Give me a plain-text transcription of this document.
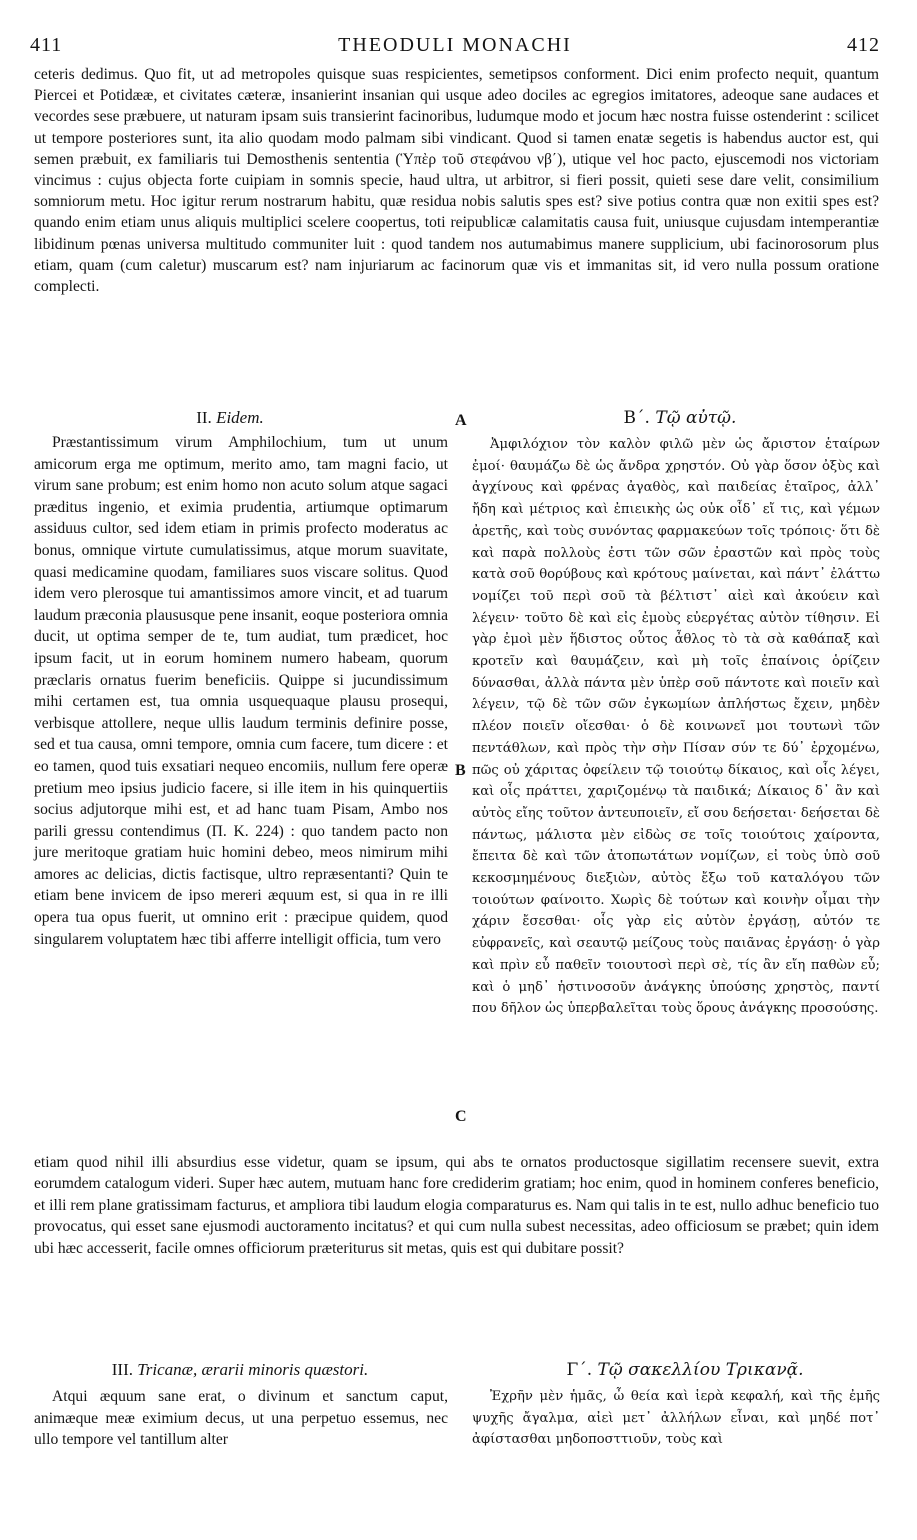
411	THEODULI MONACHI	412

ceteris dedimus. Quo fit, ut ad metropoles quisque suas respicientes, semetipsos conforment. Dici enim profecto nequit, quantum Piercei et Potidææ, et civitates cæteræ, insanierint insanian qui usque adeo dociles ac egregios imitatores, adeoque sane audaces et vecordes sese præbuere, ut naturam ipsam suis transierint facinoribus, ludumque modo et jocum hæc nostra fuisse ostenderint : scilicet ut tempore posteriores sunt, ita alio quodam modo palmam sibi vindicant. Quod si tamen enatæ segetis is habendus auctor est, qui semen præbuit, ex familiaris tui Demosthenis sententia (Ὑπὲρ τοῦ στεφάνου νβ΄), utique vel hoc pacto, ejuscemodi nos victoriam vincimus : cujus objecta forte cuipiam in somnis specie, haud ultra, ut arbitror, si fieri possit, quieti sese dare velit, consimilium somniorum metu. Hoc igitur rerum nostrarum habitu, quæ residua nobis salutis spes est? sive potius contra quæ non exitii spes est? quando enim etiam unus aliquis multiplici scelere coopertus, toti reipublicæ calamitatis causa fuit, uniusque cujusdam intemperantiæ libidinum pœnas universa multitudo communiter luit : quod tandem nos autumabimus manere supplicium, ubi facinorosorum plus etiam, quam (cum caletur) muscarum est? nam injuriarum ac facinorum quæ vis et immanitas sit, id vero nulla possum oratione complecti.

II. Eidem.	Β΄. Τῷ αὐτῷ.
A
B
C

Præstantissimum virum Amphilochium, tum ut unum amicorum erga me optimum, merito amo, tam magni facio, ut virum sane probum; est enim homo non acuto solum atque sagaci præditus ingenio, et eximia prudentia, artiumque optimarum assiduus cultor, sed idem etiam in primis profecto moderatus ac bonus, omnique virtute cumulatissimus, atque morum suavitate, quasi medicamine quodam, familiares suos viscare solitus. Quod idem vero plerosque tui amantissimos amore vincit, et ad tuarum laudum præconia plaususque pene insanit, eoque posteriora omnia ducit, ut optima semper de te, tum audiat, tum prædicet, hoc ipsum facit, ut in eorum hominem numero habeam, quorum præclaris ornatus fuerim beneficiis. Quippe si jucundissimum mihi certamen est, tua omnia usquequaque plausu prosequi, verbisque attollere, neque ullis laudum terminis definire posse, sed et tua causa, omni tempore, omnia cum facere, tum dicere : et eo tamen, quod tuis exsatiari nequeo encomiis, nullum fere operæ pretium meo ipsius judicio facere, si ille item in his quinquertiis socius adjutorque mihi est, et ad hanc tuam Pisam, Ambo nos parili gressu contendimus (Π. K. 224) : quo tandem pacto non jure meritoque gratiam huic homini debeo, meos nimirum mihi amores ac delicias, dictis factisque, ultro repræsentanti? Quin te etiam bene invicem de ipso mereri æquum est, si qua in re illi opera tua opus fuerit, ut omnino erit : præcipue quidem, quod singularem voluptatem hæc tibi afferre intelligit officia, tum vero

Ἀμφιλόχιον τὸν καλὸν φιλῶ μὲν ὡς ἄριστον ἑταίρων ἐμοί· θαυμάζω δὲ ὡς ἄνδρα χρηστόν. Οὐ γὰρ ὅσον ὀξὺς καὶ ἀγχίνους καὶ φρένας ἀγαθὸς, καὶ παιδείας ἑταῖρος, ἀλλ᾽ ἤδη καὶ μέτριος καὶ ἐπιεικὴς ὡς οὐκ οἶδ᾽ εἴ τις, καὶ γέμων ἀρετῆς, καὶ τοὺς συνόντας φαρμακεύων τοῖς τρόποις· ὅτι δὲ καὶ παρὰ πολλοὺς ἐστι τῶν σῶν ἐραστῶν καὶ πρὸς τοὺς κατὰ σοῦ θορύβους καὶ κρότους μαίνεται, καὶ πάντ᾽ ἐλάττω νομίζει τοῦ περὶ σοῦ τὰ βέλτιστ᾽ αἰεὶ καὶ ἀκούειν καὶ λέγειν· τοῦτο δὲ καὶ εἰς ἐμοὺς εὐεργέτας αὐτὸν τίθησιν. Εἰ γὰρ ἐμοὶ μὲν ἥδιστος οὗτος ἆθλος τὸ τὰ σὰ καθάπαξ καὶ κροτεῖν καὶ θαυμάζειν, καὶ μὴ τοῖς ἐπαίνοις ὁρίζειν δύνασθαι, ἀλλὰ πάντα μὲν ὑπὲρ σοῦ πάντοτε καὶ ποιεῖν καὶ λέγειν, τῷ δὲ τῶν σῶν ἐγκωμίων ἀπλήστως ἔχειν, μηδὲν πλέον ποιεῖν οἴεσθαι· ὁ δὲ κοινωνεῖ μοι τουτωνὶ τῶν πεντάθλων, καὶ πρὸς τὴν σὴν Πίσαν σύν τε δύ᾽ ἐρχομένω, πῶς οὐ χάριτας ὀφείλειν τῷ τοιούτῳ δίκαιος, καὶ οἷς λέγει, καὶ οἷς πράττει, χαριζομένῳ τὰ παιδικά; Δίκαιος δ᾽ ἂν καὶ αὐτὸς εἴης τοῦτον ἀντευποιεῖν, εἴ σου δεήσεται· δεήσεται δὲ πάντως, μάλιστα μὲν εἰδὼς σε τοῖς τοιούτοις χαίροντα, ἔπειτα δὲ καὶ τῶν ἀτοπωτάτων νομίζων, εἰ τοὺς ὑπὸ σοῦ κεκοσμημένους διεξιὼν, αὐτὸς ἔξω τοῦ καταλόγου τῶν τοιούτων φαίνοιτο. Χωρὶς δὲ τούτων καὶ κοινὴν οἶμαι τὴν χάριν ἔσεσθαι· οἷς γὰρ εἰς αὐτὸν ἐργάσῃ, αὐτόν τε εὐφρανεῖς, καὶ σεαυτῷ μείζους τοὺς παιᾶνας ἐργάσῃ· ὁ γὰρ καὶ πρὶν εὖ παθεῖν τοιουτοσὶ περὶ σὲ, τίς ἂν εἴη παθὼν εὖ; καὶ ὁ μηδ᾽ ἡστινοσοῦν ἀνάγκης ὑπούσης χρηστὸς, παντί που δῆλον ὡς ὑπερβαλεῖται τοὺς ὅρους ἀνάγκης προσούσης.

etiam quod nihil illi absurdius esse videtur, quam se ipsum, qui abs te ornatos productosque sigillatim recensere suevit, extra eorumdem catalogum videri. Super hæc autem, mutuam hanc fore crediderim gratiam; hoc enim, quod in hominem conferes beneficio, et illi rem plane gratissimam facturus, et ampliora tibi laudum elogia comparaturus es. Nam qui talis in te est, nullo adhuc beneficio tuo provocatus, qui esset sane ejusmodi auctoramento incitatus? et qui cum nulla subest necessitas, adeo officiosum se præbet; quin idem ubi hæc accesserit, facile omnes officiorum præteriturus sit metas, quis est qui dubitare possit?

III. Tricanæ, ærarii minoris quæstori.	Γ΄. Τῷ σακελλίου Τρικανᾷ.

Atqui æquum sane erat, o divinum et sanctum caput, animæque meæ eximium decus, ut una perpetuo essemus, nec ullo tempore vel tantillum alter

Ἐχρῆν μὲν ἡμᾶς, ὦ θεία καὶ ἱερὰ κεφαλή, καὶ τῆς ἐμῆς ψυχῆς ἄγαλμα, αἰεὶ μετ᾽ ἀλλήλων εἶναι, καὶ μηδέ ποτ᾽ ἀφίστασθαι μηδοποσττιοῦν, τοὺς καὶ
